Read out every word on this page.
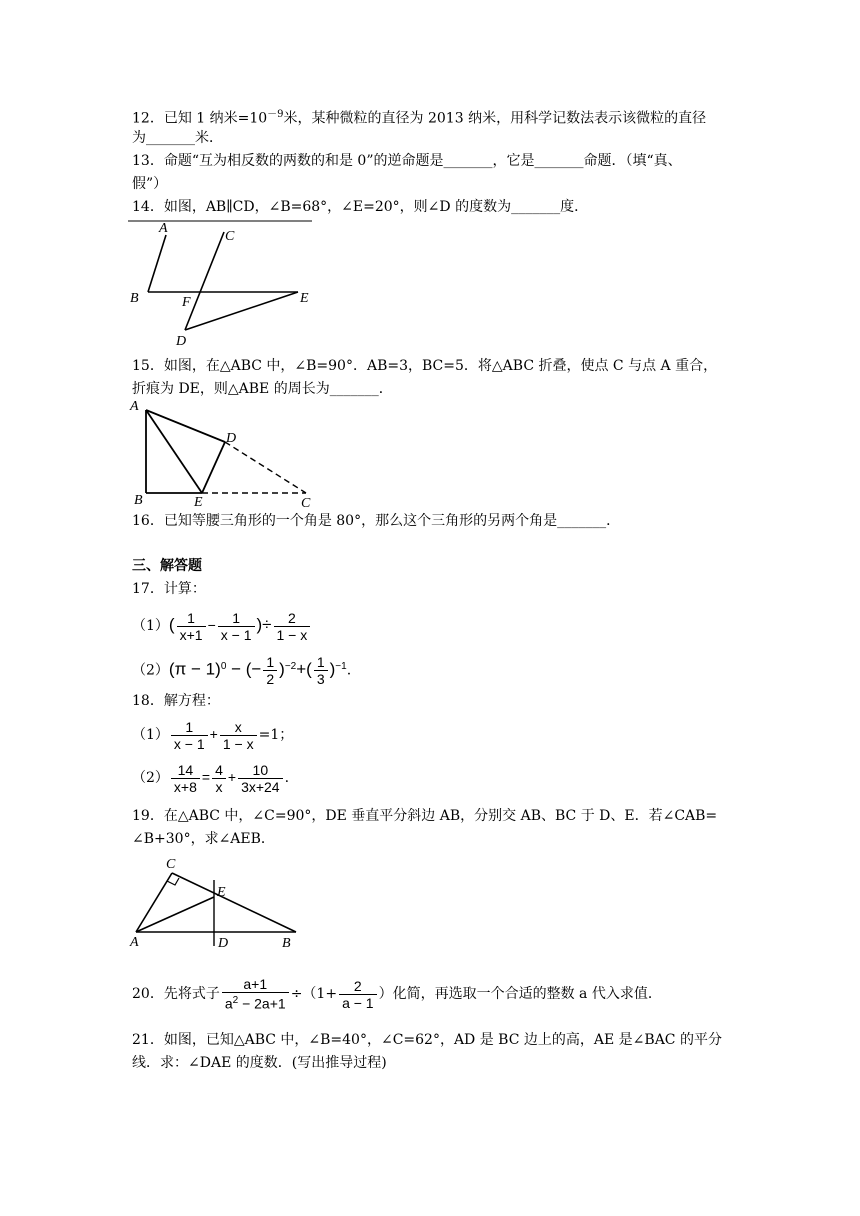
12．已知 1 纳米$=10^{-9}$米，某种微粒的直径为 2013 纳米，用科学记数法表示该微粒的直径
为_______米．
13．命题“互为相反数的两数的和是 0”的逆命题是_______，它是_______命题．（填“真、
假”）
14．如图，AB∥CD，∠B=68°，∠E=20°，则∠D 的度数为_______度．
A
C
B	F	E
D
15．如图，在△ABC 中，∠B=90°．AB=3，BC=5．将△ABC 折叠，使点 C 与点 A 重合，
折痕为 DE，则△ABE 的周长为_______．
A
D
B	E	C
16．已知等腰三角形的一个角是 80°，那么这个三角形的另两个角是_______．
三、解答题
17．计算：
$(1)( \frac{1}{x+1} - \frac{1}{x - 1}$ )÷ $\frac{2}{1 - x}$
$(2)(\pi - 1)^0$ − (− $\frac{1}{2} )^{-2}+( \frac{1}{3} )^{-1}$.
18．解方程：
$(1) \frac{1}{x - 1} + \frac{x}{1 - x} =1$；
$(2) \frac{14}{x+8} = \frac{4}{x} + \frac{10}{3x+24}$ .
19．在△ABC 中，∠C=90°，DE 垂直平分斜边 AB，分别交 AB、BC 于 D、E．若∠CAB=
∠B+30°，求∠AEB．
C
E
A	D	B
20．先将式子 $\frac{a+1}{a^2 - 2a+1} \div(1+ \frac{2}{a - 1}$ ）化简，再选取一个合适的整数 a 代入求值．
21．如图，已知△ABC 中，∠B=40°，∠C=62°，AD 是 BC 边上的高，AE 是∠BAC 的平分
线．求：∠DAE 的度数．(写出推导过程)
